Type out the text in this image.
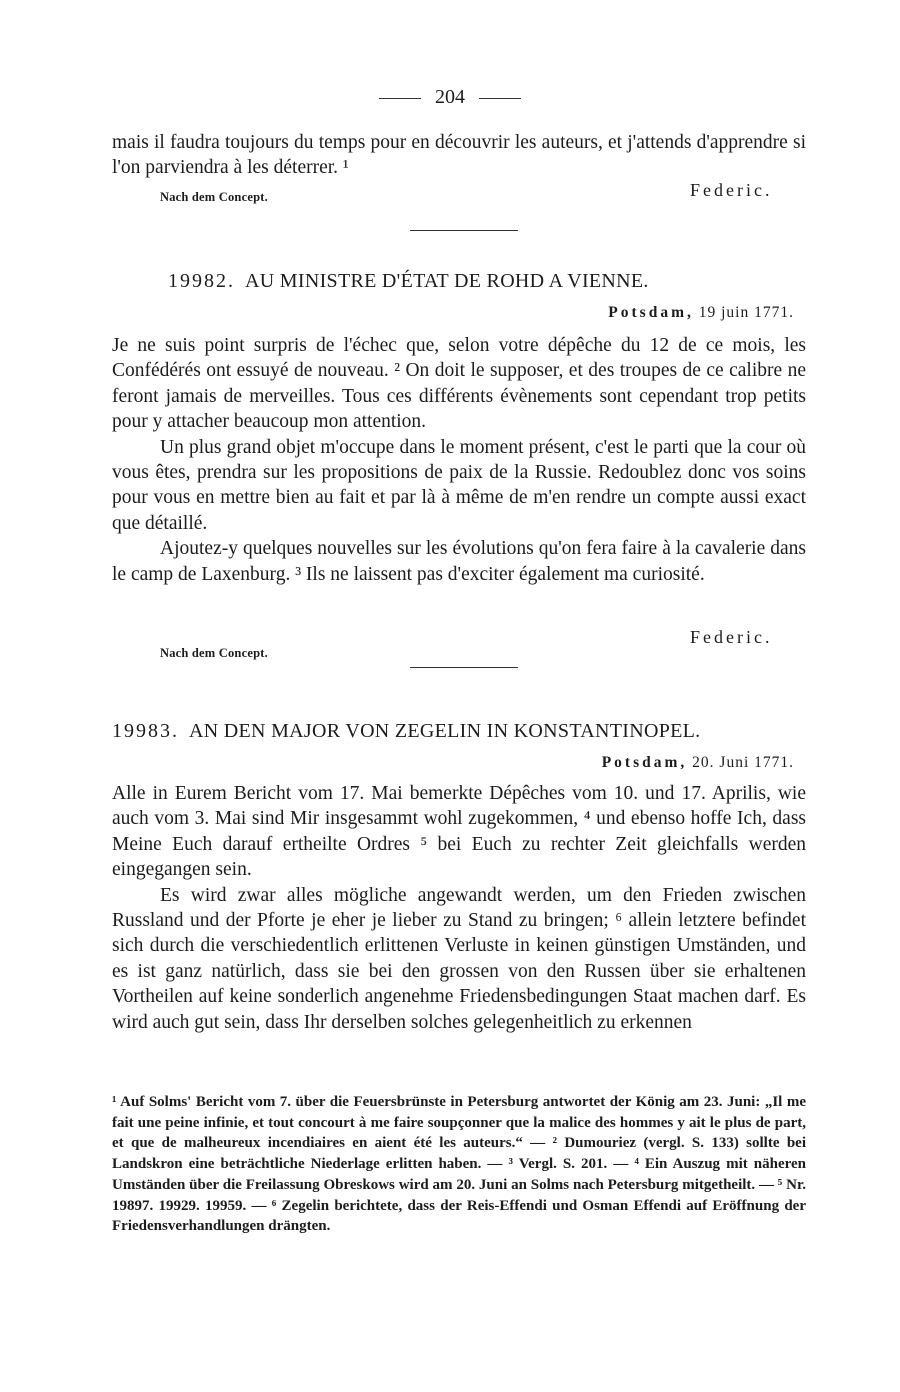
204

mais il faudra toujours du temps pour en découvrir les auteurs, et j'attends d'apprendre si l'on parviendra à les déterrer. ¹

Nach dem Concept.	Federic.
19982. AU MINISTRE D'ÉTAT DE ROHD A VIENNE.
Potsdam, 19 juin 1771.

Je ne suis point surpris de l'échec que, selon votre dépêche du 12 de ce mois, les Confédérés ont essuyé de nouveau. ² On doit le supposer, et des troupes de ce calibre ne feront jamais de merveilles. Tous ces différents évènements sont cependant trop petits pour y attacher beaucoup mon attention.

Un plus grand objet m'occupe dans le moment présent, c'est le parti que la cour où vous êtes, prendra sur les propositions de paix de la Russie. Redoublez donc vos soins pour vous en mettre bien au fait et par là à même de m'en rendre un compte aussi exact que détaillé.

Ajoutez-y quelques nouvelles sur les évolutions qu'on fera faire à la cavalerie dans le camp de Laxenburg. ³ Ils ne laissent pas d'exciter également ma curiosité.

Nach dem Concept.
Federic.
19983. AN DEN MAJOR VON ZEGELIN IN KONSTANTINOPEL.
Potsdam, 20. Juni 1771.

Alle in Eurem Bericht vom 17. Mai bemerkte Dépêches vom 10. und 17. Aprilis, wie auch vom 3. Mai sind Mir insgesammt wohl zugekommen, ⁴ und ebenso hoffe Ich, dass Meine Euch darauf ertheilte Ordres ⁵ bei Euch zu rechter Zeit gleichfalls werden eingegangen sein.

Es wird zwar alles mögliche angewandt werden, um den Frieden zwischen Russland und der Pforte je eher je lieber zu Stand zu bringen; ⁶ allein letztere befindet sich durch die verschiedentlich erlittenen Verluste in keinen günstigen Umständen, und es ist ganz natürlich, dass sie bei den grossen von den Russen über sie erhaltenen Vortheilen auf keine sonderlich angenehme Friedensbedingungen Staat machen darf. Es wird auch gut sein, dass Ihr derselben solches gelegenheitlich zu erkennen

¹ Auf Solms' Bericht vom 7. über die Feuersbrünste in Petersburg antwortet der König am 23. Juni: „Il me fait une peine infinie, et tout concourt à me faire soupçonner que la malice des hommes y ait le plus de part, et que de malheureux incendiaires en aient été les auteurs.“ — ² Dumouriez (vergl. S. 133) sollte bei Landskron eine beträchtliche Niederlage erlitten haben. — ³ Vergl. S. 201. — ⁴ Ein Auszug mit näheren Umständen über die Freilassung Obreskows wird am 20. Juni an Solms nach Petersburg mitgetheilt. — ⁵ Nr. 19897. 19929. 19959. — ⁶ Zegelin berichtete, dass der Reis-Effendi und Osman Effendi auf Eröffnung der Friedensverhandlungen drängten.
